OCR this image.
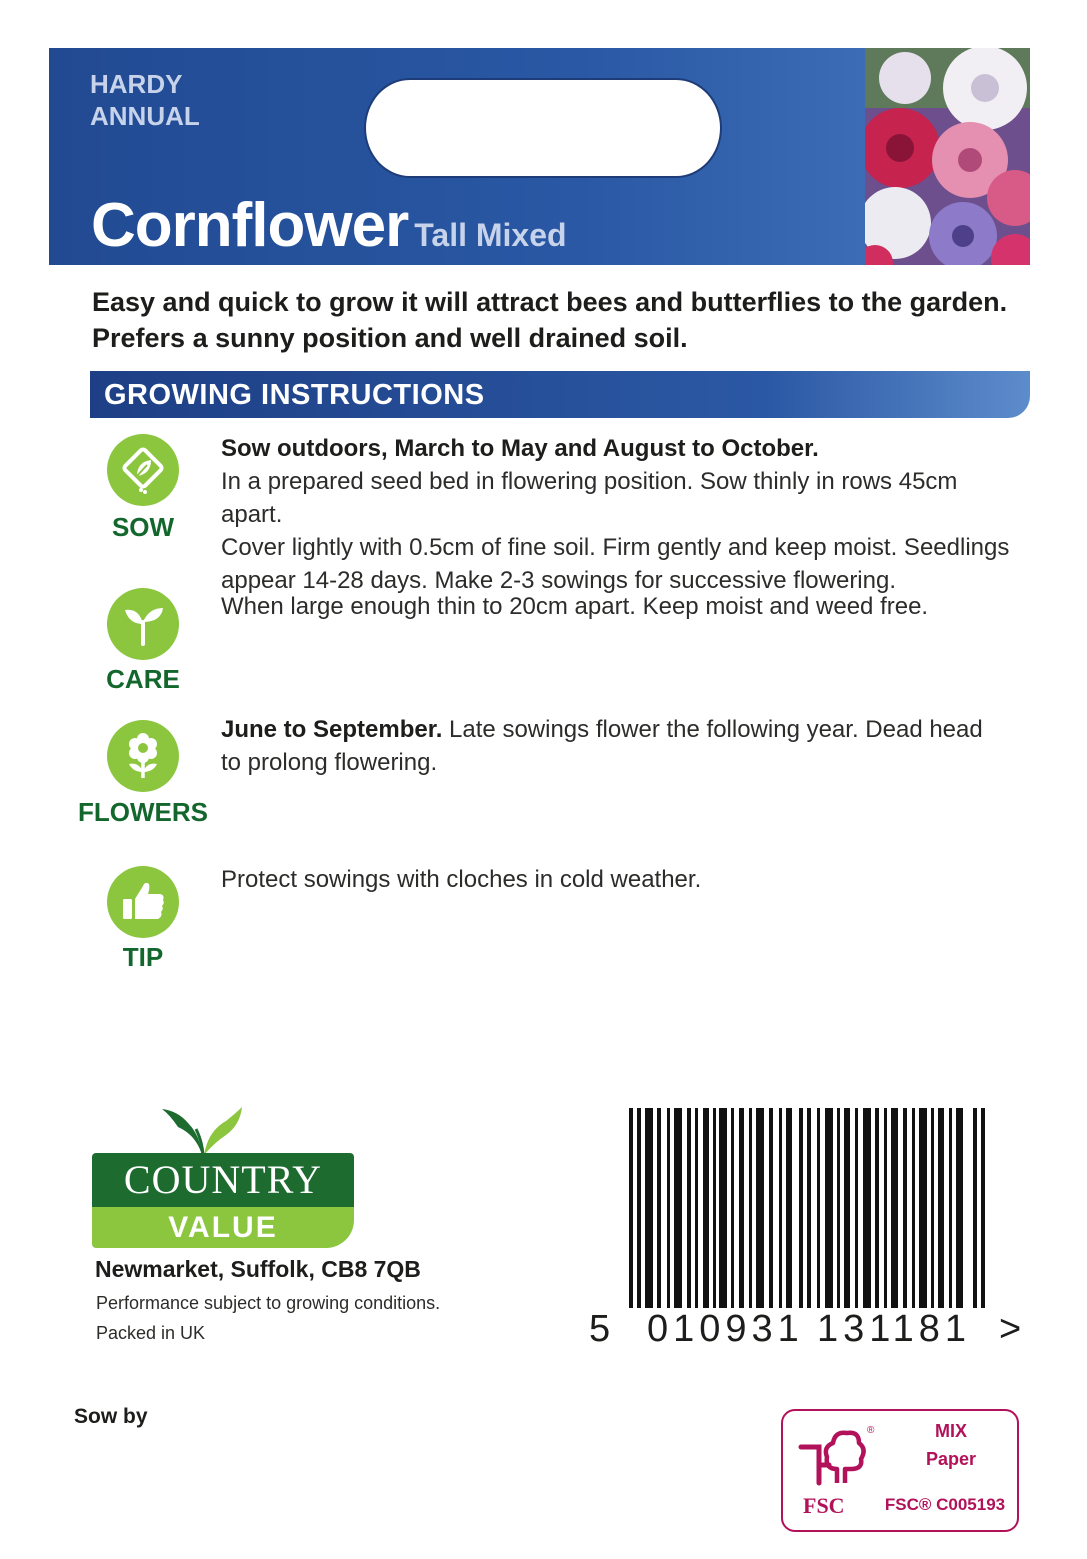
HARDY
ANNUAL
Cornflower Tall Mixed
Easy and quick to grow it will attract bees and butterflies to the garden.
Prefers a sunny position and well drained soil.
GROWING INSTRUCTIONS
SOW
Sow outdoors, March to May and August to October.
In a prepared seed bed in flowering position. Sow thinly in rows 45cm apart.
Cover lightly with 0.5cm of fine soil. Firm gently and keep moist. Seedlings
appear 14-28 days. Make 2-3 sowings for successive flowering.
CARE
When large enough thin to 20cm apart. Keep moist and weed free.
FLOWERS
June to September. Late sowings flower the following year. Dead head
to prolong flowering.
TIP
Protect sowings with cloches in cold weather.
COUNTRY
VALUE
Newmarket, Suffolk, CB8 7QB
Performance subject to growing conditions.
Packed in UK	5 010931 131181 >
Sow by
®
FSC
MIX
Paper
FSC® C005193
